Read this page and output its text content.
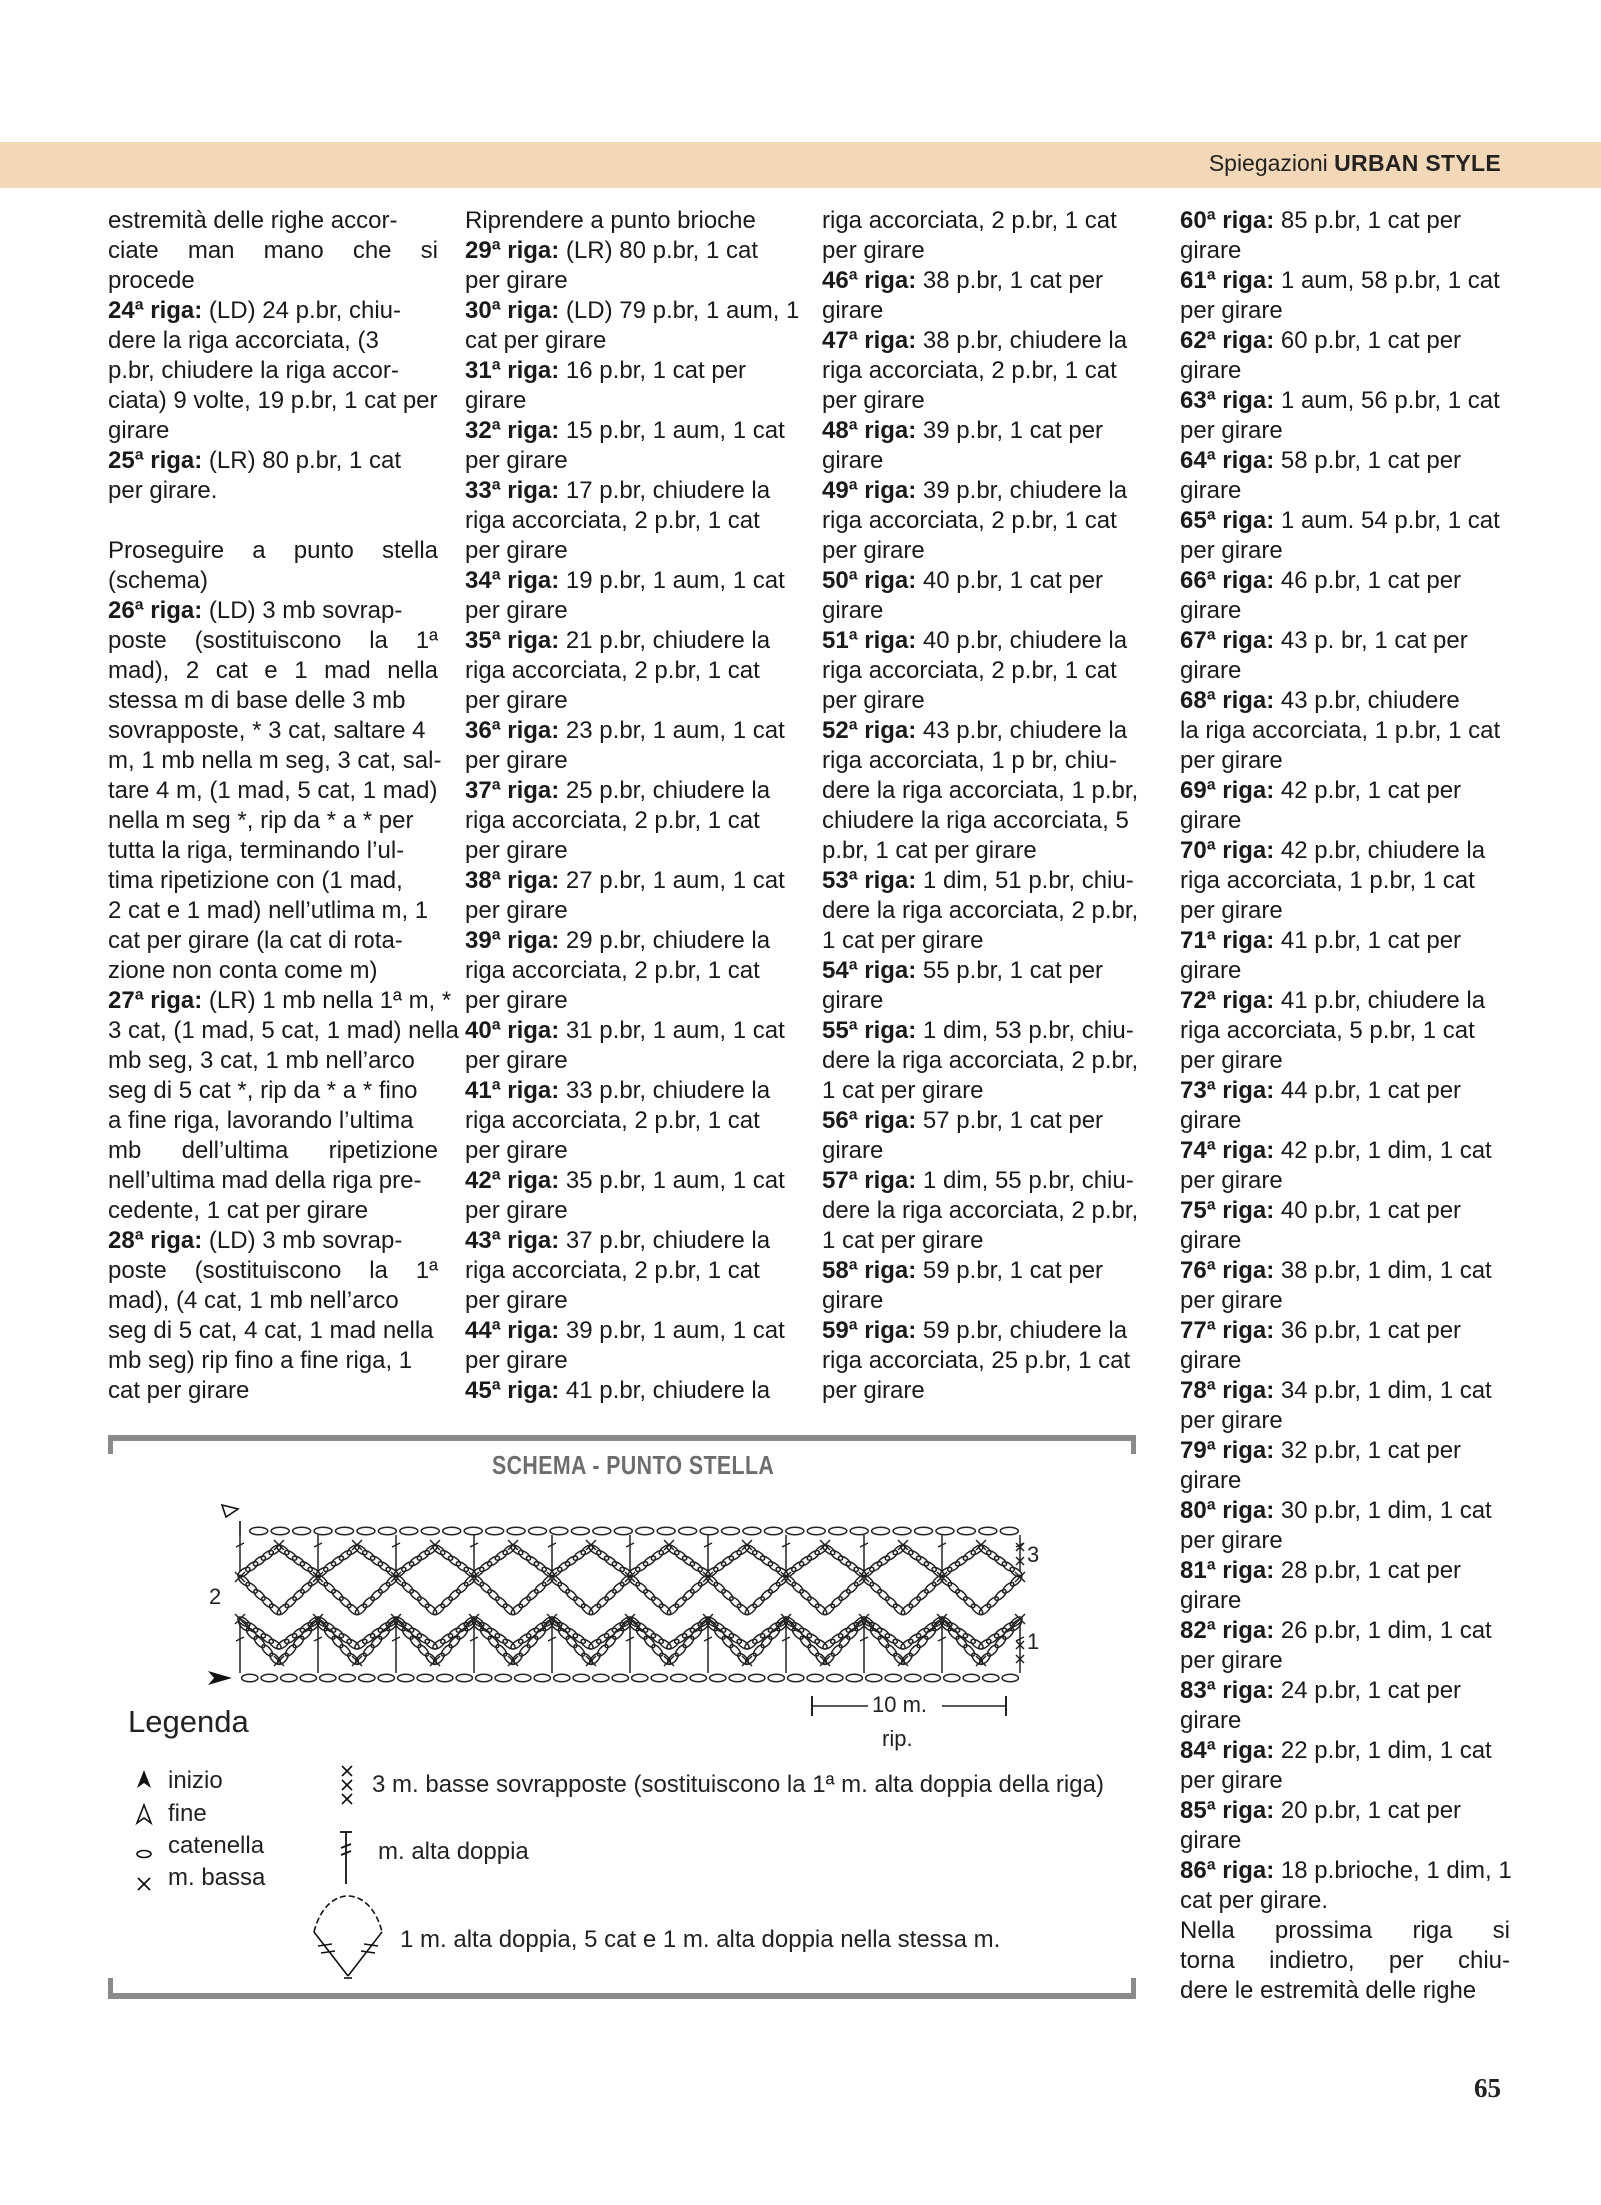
Spiegazioni URBAN STYLE
estremità delle righe accor-
ciate man mano che si
procede
24ª riga: (LD) 24 p.br, chiu-
dere la riga accorciata, (3
p.br, chiudere la riga accor-
ciata) 9 volte, 19 p.br, 1 cat per
girare
25ª riga: (LR) 80 p.br, 1 cat
per girare.
Proseguire a punto stella
(schema)
26ª riga: (LD) 3 mb sovrap-
poste (sostituiscono la 1ª
mad), 2 cat e 1 mad nella
stessa m di base delle 3 mb
sovrapposte, * 3 cat, saltare 4
m, 1 mb nella m seg, 3 cat, sal-
tare 4 m, (1 mad, 5 cat, 1 mad)
nella m seg *, rip da * a * per
tutta la riga, terminando l’ul-
tima ripetizione con (1 mad,
2 cat e 1 mad) nell’utlima m, 1
cat per girare (la cat di rota-
zione non conta come m)
27ª riga: (LR) 1 mb nella 1ª m, *
3 cat, (1 mad, 5 cat, 1 mad) nella
mb seg, 3 cat, 1 mb nell’arco
seg di 5 cat *, rip da * a * fino
a fine riga, lavorando l’ultima
mb dell’ultima ripetizione
nell’ultima mad della riga pre-
cedente, 1 cat per girare
28ª riga: (LD) 3 mb sovrap-
poste (sostituiscono la 1ª
mad), (4 cat, 1 mb nell’arco
seg di 5 cat, 4 cat, 1 mad nella
mb seg) rip fino a fine riga, 1
cat per girare
Riprendere a punto brioche
29ª riga: (LR) 80 p.br, 1 cat
per girare
30ª riga: (LD) 79 p.br, 1 aum, 1
cat per girare
31ª riga: 16 p.br, 1 cat per
girare
32ª riga: 15 p.br, 1 aum, 1 cat
per girare
33ª riga: 17 p.br, chiudere la
riga accorciata, 2 p.br, 1 cat
per girare
34ª riga: 19 p.br, 1 aum, 1 cat
per girare
35ª riga: 21 p.br, chiudere la
riga accorciata, 2 p.br, 1 cat
per girare
36ª riga: 23 p.br, 1 aum, 1 cat
per girare
37ª riga: 25 p.br, chiudere la
riga accorciata, 2 p.br, 1 cat
per girare
38ª riga: 27 p.br, 1 aum, 1 cat
per girare
39ª riga: 29 p.br, chiudere la
riga accorciata, 2 p.br, 1 cat
per girare
40ª riga: 31 p.br, 1 aum, 1 cat
per girare
41ª riga: 33 p.br, chiudere la
riga accorciata, 2 p.br, 1 cat
per girare
42ª riga: 35 p.br, 1 aum, 1 cat
per girare
43ª riga: 37 p.br, chiudere la
riga accorciata, 2 p.br, 1 cat
per girare
44ª riga: 39 p.br, 1 aum, 1 cat
per girare
45ª riga: 41 p.br, chiudere la
riga accorciata, 2 p.br, 1 cat
per girare
46ª riga: 38 p.br, 1 cat per
girare
47ª riga: 38 p.br, chiudere la
riga accorciata, 2 p.br, 1 cat
per girare
48ª riga: 39 p.br, 1 cat per
girare
49ª riga: 39 p.br, chiudere la
riga accorciata, 2 p.br, 1 cat
per girare
50ª riga: 40 p.br, 1 cat per
girare
51ª riga: 40 p.br, chiudere la
riga accorciata, 2 p.br, 1 cat
per girare
52ª riga: 43 p.br, chiudere la
riga accorciata, 1 p br, chiu-
dere la riga accorciata, 1 p.br,
chiudere la riga accorciata, 5
p.br, 1 cat per girare
53ª riga: 1 dim, 51 p.br, chiu-
dere la riga accorciata, 2 p.br,
1 cat per girare
54ª riga: 55 p.br, 1 cat per
girare
55ª riga: 1 dim, 53 p.br, chiu-
dere la riga accorciata, 2 p.br,
1 cat per girare
56ª riga: 57 p.br, 1 cat per
girare
57ª riga: 1 dim, 55 p.br, chiu-
dere la riga accorciata, 2 p.br,
1 cat per girare
58ª riga: 59 p.br, 1 cat per
girare
59ª riga: 59 p.br, chiudere la
riga accorciata, 25 p.br, 1 cat
per girare
60ª riga: 85 p.br, 1 cat per
girare
61ª riga: 1 aum, 58 p.br, 1 cat
per girare
62ª riga: 60 p.br, 1 cat per
girare
63ª riga: 1 aum, 56 p.br, 1 cat
per girare
64ª riga: 58 p.br, 1 cat per
girare
65ª riga: 1 aum. 54 p.br, 1 cat
per girare
66ª riga: 46 p.br, 1 cat per
girare
67ª riga: 43 p. br, 1 cat per
girare
68ª riga: 43 p.br, chiudere
la riga accorciata, 1 p.br, 1 cat
per girare
69ª riga: 42 p.br, 1 cat per
girare
70ª riga: 42 p.br, chiudere la
riga accorciata, 1 p.br, 1 cat
per girare
71ª riga: 41 p.br, 1 cat per
girare
72ª riga: 41 p.br, chiudere la
riga accorciata, 5 p.br, 1 cat
per girare
73ª riga: 44 p.br, 1 cat per
girare
74ª riga: 42 p.br, 1 dim, 1 cat
per girare
75ª riga: 40 p.br, 1 cat per
girare
76ª riga: 38 p.br, 1 dim, 1 cat
per girare
77ª riga: 36 p.br, 1 cat per
girare
78ª riga: 34 p.br, 1 dim, 1 cat
per girare
79ª riga: 32 p.br, 1 cat per
girare
80ª riga: 30 p.br, 1 dim, 1 cat
per girare
81ª riga: 28 p.br, 1 cat per
girare
82ª riga: 26 p.br, 1 dim, 1 cat
per girare
83ª riga: 24 p.br, 1 cat per
girare
84ª riga: 22 p.br, 1 dim, 1 cat
per girare
85ª riga: 20 p.br, 1 cat per
girare
86ª riga: 18 p.brioche, 1 dim, 1
cat per girare.
Nella prossima riga si
torna indietro, per chiu-
dere le estremità delle righe
SCHEMA - PUNTO STELLA
3
2
1
10 m.
rip.
Legenda
inizio
fine
catenella
m. bassa
3 m. basse sovrapposte (sostituiscono la 1ª m. alta doppia della riga)
m. alta doppia
1 m. alta doppia, 5 cat e 1 m. alta doppia nella stessa m.
65
